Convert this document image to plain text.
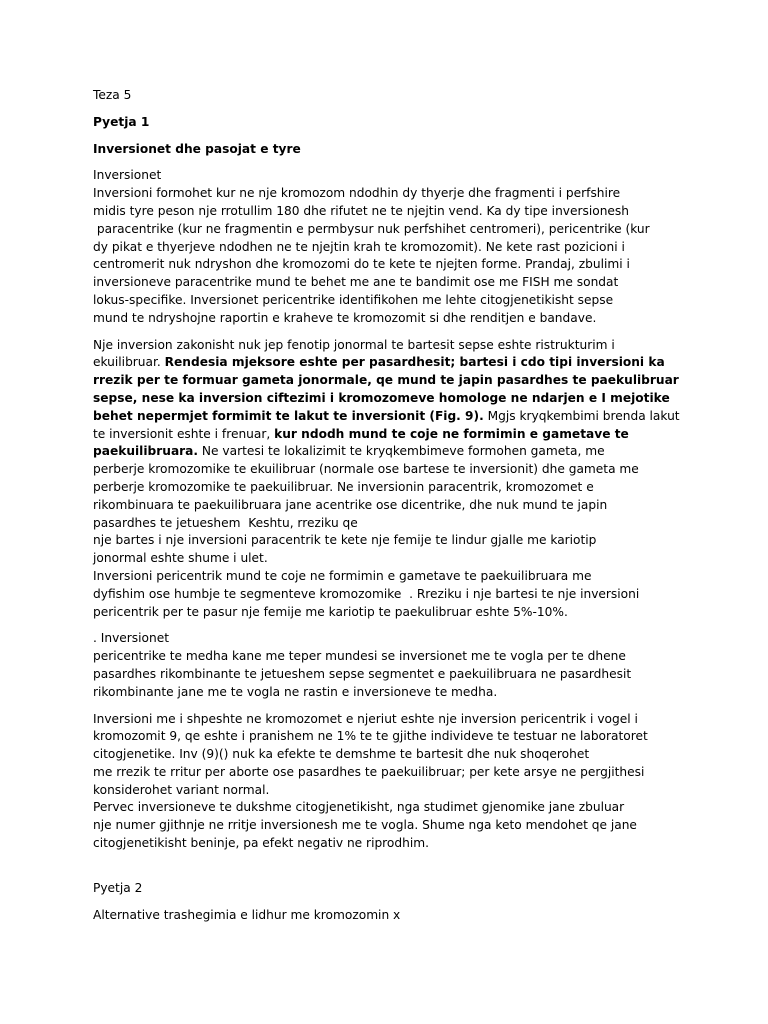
Teza 5
Pyetja 1
Inversionet dhe pasojat e tyre
Inversionet
Inversioni formohet kur ne nje kromozom ndodhin dy thyerje dhe fragmenti i perfshire
midis tyre peson nje rrotullim 180 dhe rifutet ne te njejtin vend. Ka dy tipe inversionesh
paracentrike (kur ne fragmentin e permbysur nuk perfshihet centromeri), pericentrike (kur
dy pikat e thyerjeve ndodhen ne te njejtin krah te kromozomit). Ne kete rast pozicioni i
centromerit nuk ndryshon dhe kromozomi do te kete te njejten forme. Prandaj, zbulimi i
inversioneve paracentrike mund te behet me ane te bandimit ose me FISH me sondat
lokus-specifike. Inversionet pericentrike identifikohen me lehte citogjenetikisht sepse
mund te ndryshojne raportin e kraheve te kromozomit si dhe renditjen e bandave.
Nje inversion zakonisht nuk jep fenotip jonormal te bartesit sepse eshte ristrukturim i
ekuilibruar. Rendesia mjeksore eshte per pasardhesit; bartesi i cdo tipi inversioni ka
rrezik per te formuar gameta jonormale, qe mund te japin pasardhes te paekulibruar
sepse, nese ka inversion ciftezimi i kromozomeve homologe ne ndarjen e I mejotike
behet nepermjet formimit te lakut te inversionit (Fig. 9). Mgjs kryqkembimi brenda lakut
te inversionit eshte i frenuar, kur ndodh mund te coje ne formimin e gametave te
paekuilibruara. Ne vartesi te lokalizimit te kryqkembimeve formohen gameta, me
perberje kromozomike te ekuilibruar (normale ose bartese te inversionit) dhe gameta me
perberje kromozomike te paekuilibruar. Ne inversionin paracentrik, kromozomet e
rikombinuara te paekuilibruara jane acentrike ose dicentrike, dhe nuk mund te japin
pasardhes te jetueshem  Keshtu, rreziku qe
nje bartes i nje inversioni paracentrik te kete nje femije te lindur gjalle me kariotip
jonormal eshte shume i ulet.
Inversioni pericentrik mund te coje ne formimin e gametave te paekuilibruara me
dyfishim ose humbje te segmenteve kromozomike  . Rreziku i nje bartesi te nje inversioni
pericentrik per te pasur nje femije me kariotip te paekulibruar eshte 5%-10%.
. Inversionet
pericentrike te medha kane me teper mundesi se inversionet me te vogla per te dhene
pasardhes rikombinante te jetueshem sepse segmentet e paekuilibruara ne pasardhesit
rikombinante jane me te vogla ne rastin e inversioneve te medha.
Inversioni me i shpeshte ne kromozomet e njeriut eshte nje inversion pericentrik i vogel i
kromozomit 9, qe eshte i pranishem ne 1% te te gjithe individeve te testuar ne laboratoret
citogjenetike. Inv (9)() nuk ka efekte te demshme te bartesit dhe nuk shoqerohet
me rrezik te rritur per aborte ose pasardhes te paekuilibruar; per kete arsye ne pergjithesi
konsiderohet variant normal.
Pervec inversioneve te dukshme citogjenetikisht, nga studimet gjenomike jane zbuluar
nje numer gjithnje ne rritje inversionesh me te vogla. Shume nga keto mendohet qe jane
citogjenetikisht beninje, pa efekt negativ ne riprodhim.
Pyetja 2
Alternative trashegimia e lidhur me kromozomin x
